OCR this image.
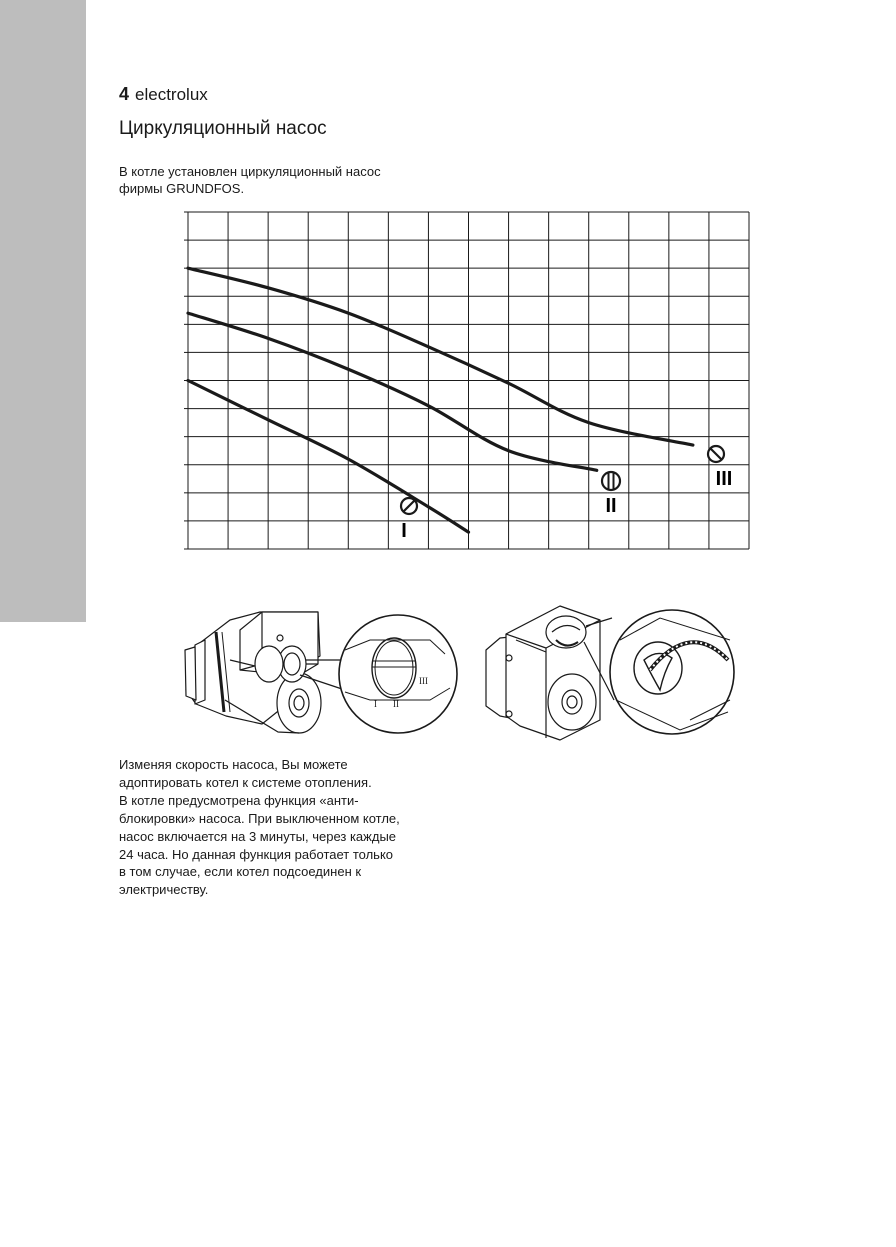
4 electrolux
Циркуляционный насос

В котле установлен циркуляционный насос
фирмы GRUNDFOS.

I
II
III
I II
III

Изменяя скорость насоса, Вы можете
адоптировать котел к системе отопления.
В котле предусмотрена функция «анти-
блокировки» насоса. При выключенном котле,
насос включается на 3 минуты, через каждые
24 часа. Но данная функция работает только
в том случае, если котел подсоединен к
электричеству.
